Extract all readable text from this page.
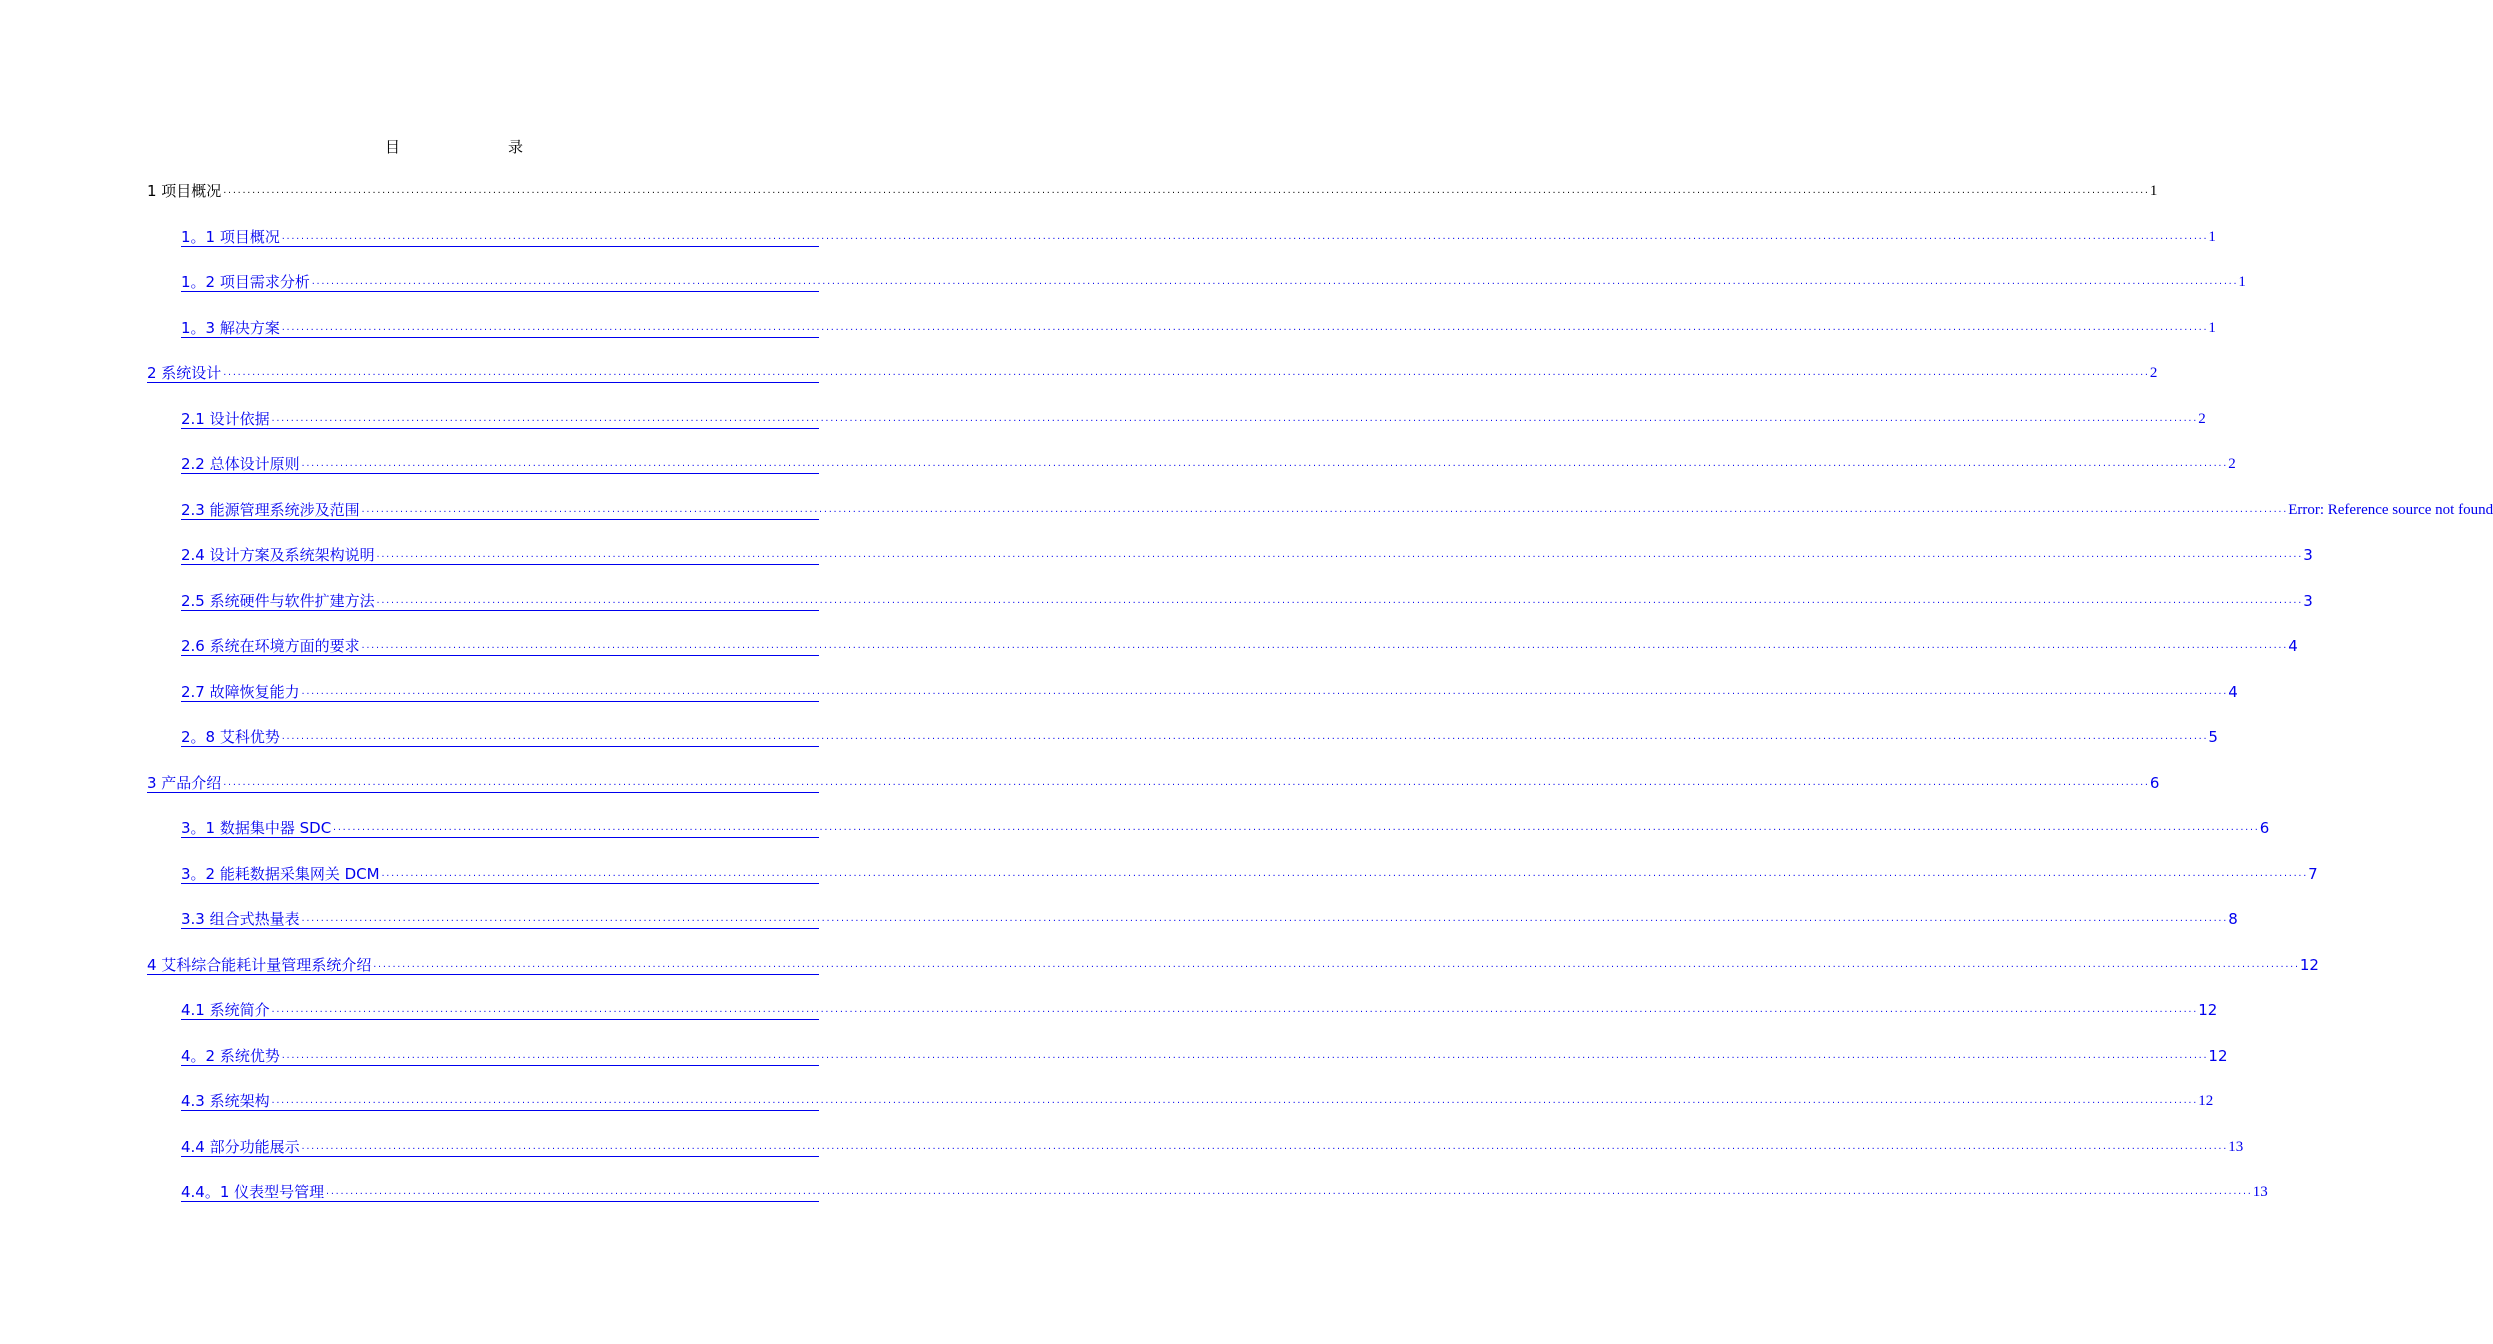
目　　录
1 项目概况 ................................................................................................................................................................................................................................................................................................................................................................................................................ 1
1。1 项目概况 ................................................................................................................................................................................................................................................................................................................................................................................................................ 1
1。2 项目需求分析 ................................................................................................................................................................................................................................................................................................................................................................................................................ 1
1。3 解决方案 ................................................................................................................................................................................................................................................................................................................................................................................................................ 1
2 系统设计 ................................................................................................................................................................................................................................................................................................................................................................................................................ 2
2.1 设计依据 ................................................................................................................................................................................................................................................................................................................................................................................................................ 2
2.2 总体设计原则 ................................................................................................................................................................................................................................................................................................................................................................................................................ 2
2.3 能源管理系统涉及范围 ................................................................................................................................................................................................................................................................................................................................................................................................................ Error: Reference source not found
2.4 设计方案及系统架构说明 ................................................................................................................................................................................................................................................................................................................................................................................................................ 3
2.5 系统硬件与软件扩建方法 ................................................................................................................................................................................................................................................................................................................................................................................................................ 3
2.6 系统在环境方面的要求 ................................................................................................................................................................................................................................................................................................................................................................................................................ 4
2.7 故障恢复能力 ................................................................................................................................................................................................................................................................................................................................................................................................................ 4
2。8 艾科优势 ................................................................................................................................................................................................................................................................................................................................................................................................................ 5
3 产品介绍 ................................................................................................................................................................................................................................................................................................................................................................................................................ 6
3。1 数据集中器 SDC ................................................................................................................................................................................................................................................................................................................................................................................................................ 6
3。2 能耗数据采集网关 DCM ................................................................................................................................................................................................................................................................................................................................................................................................................ 7
3.3 组合式热量表 ................................................................................................................................................................................................................................................................................................................................................................................................................ 8
4 艾科综合能耗计量管理系统介绍 ................................................................................................................................................................................................................................................................................................................................................................................................................ 12
4.1 系统简介 ................................................................................................................................................................................................................................................................................................................................................................................................................ 12
4。2 系统优势 ................................................................................................................................................................................................................................................................................................................................................................................................................ 12
4.3 系统架构 ................................................................................................................................................................................................................................................................................................................................................................................................................ 12
4.4 部分功能展示 ................................................................................................................................................................................................................................................................................................................................................................................................................ 13
4.4。1 仪表型号管理 ................................................................................................................................................................................................................................................................................................................................................................................................................ 13
